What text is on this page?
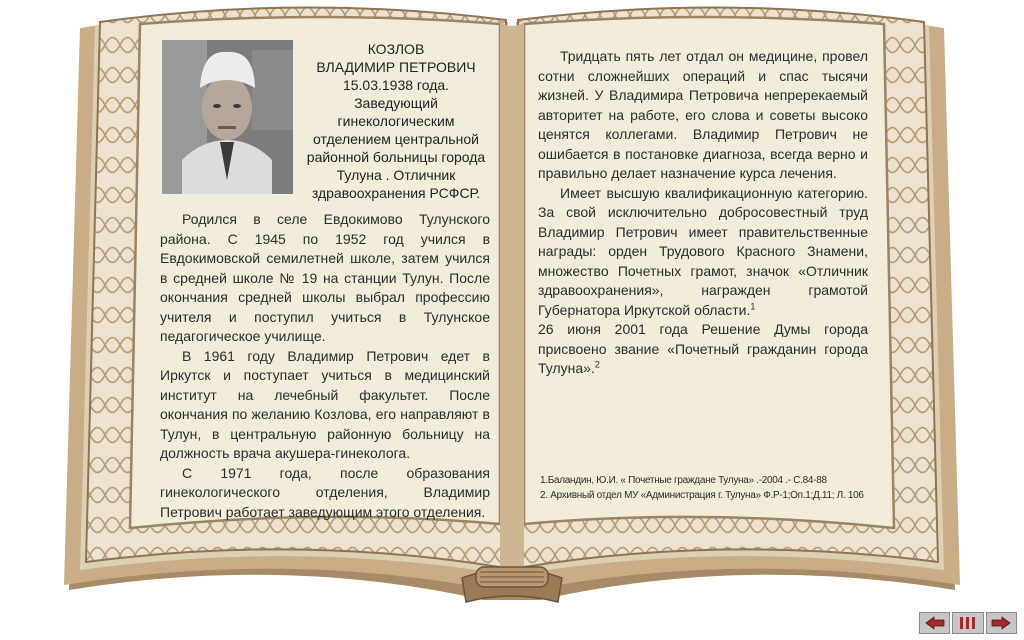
КОЗЛОВ
ВЛАДИМИР ПЕТРОВИЧ
15.03.1938 года.
Заведующий
гинекологическим
отделением центральной
районной больницы города
Тулуна . Отличник
здравоохранения РСФСР.

Родился в селе Евдокимово Тулунского района. С 1945 по 1952 год учился в Евдокимовской семилетней школе, затем учился в средней школе № 19 на станции Тулун. После окончания средней школы выбрал профессию учителя и поступил учиться в Тулунское педагогическое училище.

В 1961 году Владимир Петрович едет в Иркутск и поступает учиться в медицинский институт на лечебный факультет. После окончания по желанию Козлова, его направляют в Тулун, в центральную районную больницу на должность врача акушера-гинеколога.

С 1971 года, после образования гинекологического отделения, Владимир Петрович работает заведующим этого отделения.

Тридцать пять лет отдал он медицине, провел сотни сложнейших операций и спас тысячи жизней. У Владимира Петровича непререкаемый авторитет на работе, его слова и советы высоко ценятся коллегами. Владимир Петрович не ошибается в постановке диагноза, всегда верно и правильно делает назначение курса лечения.

Имеет высшую квалификационную категорию. За свой исключительно добросовестный труд Владимир Петрович имеет правительственные награды: орден Трудового Красного Знамени, множество Почетных грамот, значок «Отличник здравоохранения», награжден грамотой Губернатора Иркутской области.$^1$

26 июня 2001 года Решение Думы города присвоено звание «Почетный гражданин города Тулуна».$^2$

1.Баландин, Ю.И. « Почетные граждане Тулуна» .-2004 .- С.84-88
2. Архивный отдел МУ «Администрация г. Тулуна» Ф.Р-1;Оп.1;Д.11; Л. 106
